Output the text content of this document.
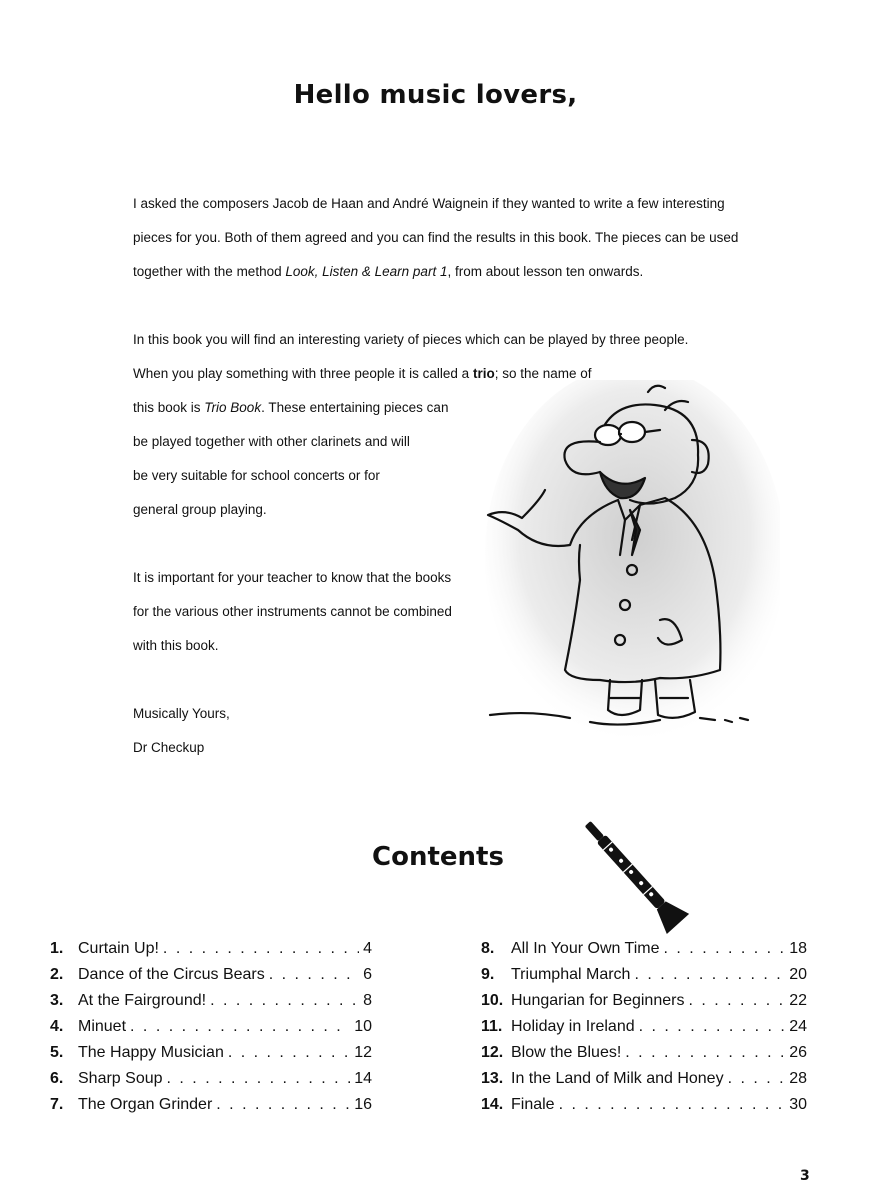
Hello music lovers,
I asked the composers Jacob de Haan and André Waignein if they wanted to write a few interesting
pieces for you. Both of them agreed and you can find the results in this book. The pieces can be used
together with the method Look, Listen & Learn part 1, from about lesson ten onwards.
In this book you will find an interesting variety of pieces which can be played by three people.
When you play something with three people it is called a trio; so the name of
this book is Trio Book. These entertaining pieces can
be played together with other clarinets and will
be very suitable for school concerts or for
general group playing.
It is important for your teacher to know that the books
for the various other instruments cannot be combined
with this book.
Musically Yours,
Dr Checkup
Contents
1. Curtain Up! . . .	4
2. Dance of the Circus Bears . . .	6
3. At the Fairground! . . .	8
4. Minuet . . .	10
5. The Happy Musician . . .	12
6. Sharp Soup . . .	14
7. The Organ Grinder . . .	16
8.	All In Your Own Time . . .	18
9.	Triumphal March . . .	20
10. Hungarian for Beginners . . .	22
11. Holiday in Ireland . . .	24
12. Blow the Blues! . . .	26
13. In the Land of Milk and Honey . . .	28
14. Finale . . .	30
3
